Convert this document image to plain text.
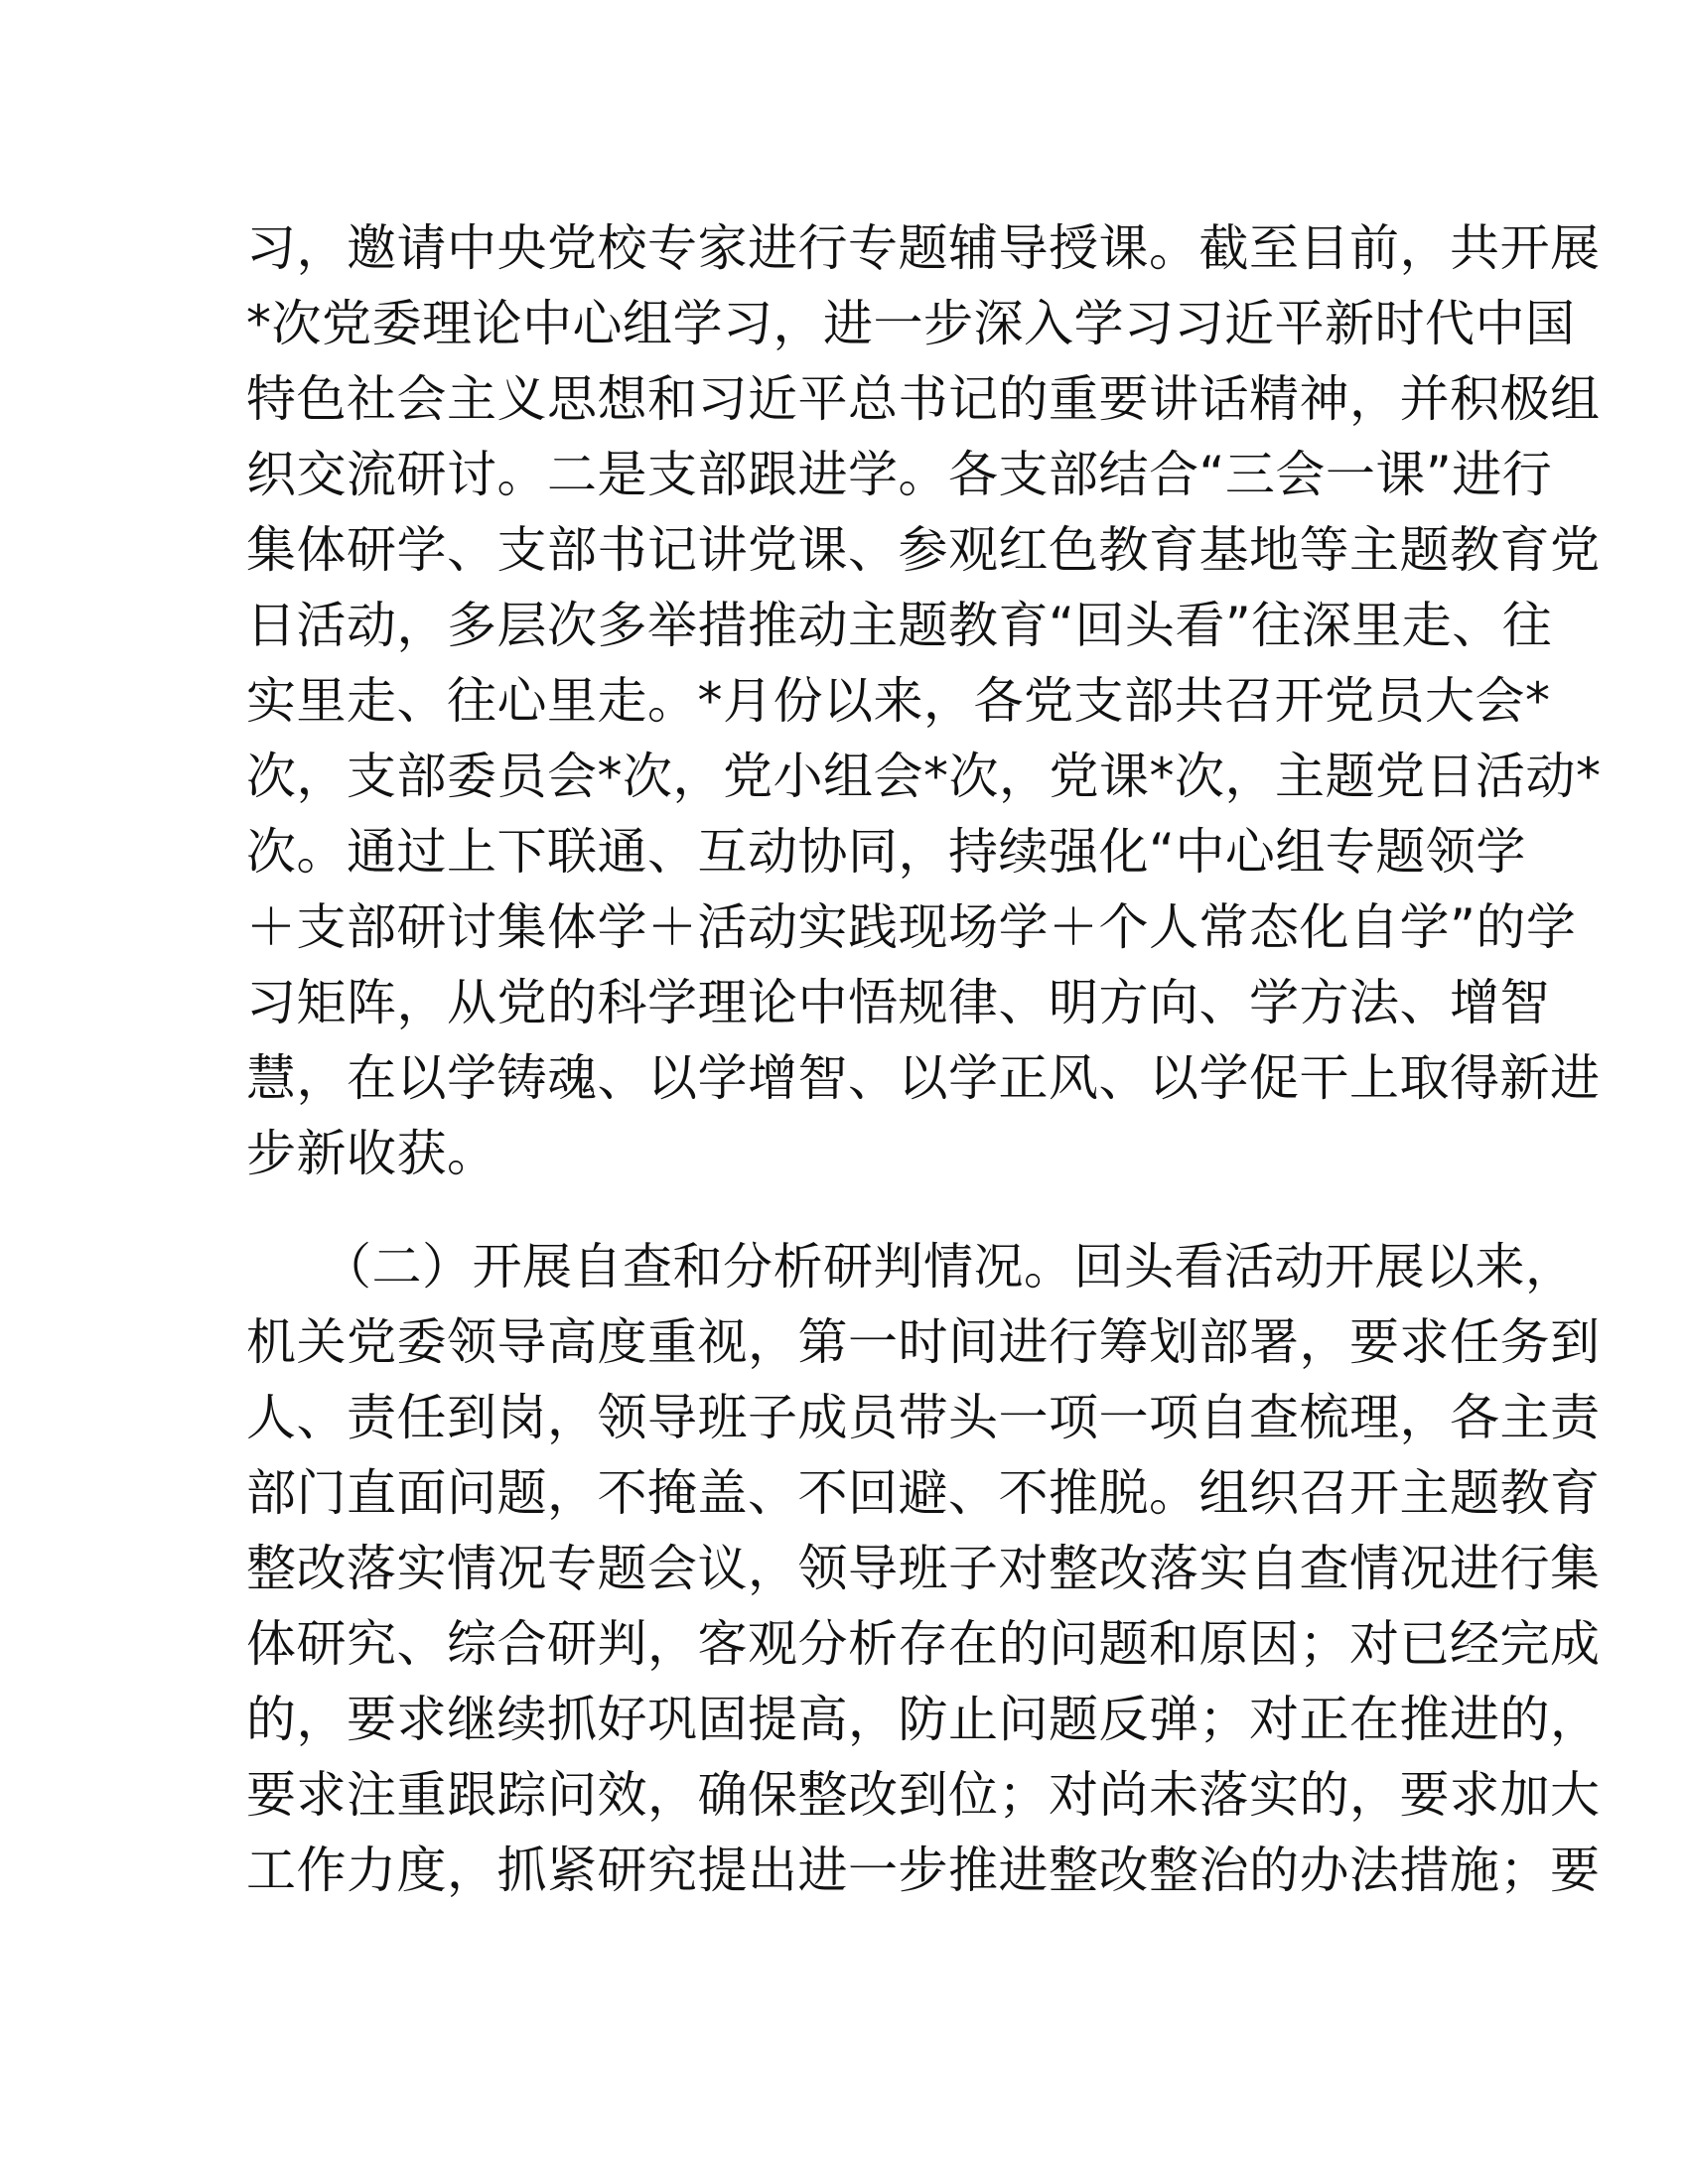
习，邀请中央党校专家进行专题辅导授课。截至目前，共开展
*次党委理论中心组学习，进一步深入学习习近平新时代中国
特色社会主义思想和习近平总书记的重要讲话精神，并积极组
织交流研讨。二是支部跟进学。各支部结合“三会一课”进行
集体研学、支部书记讲党课、参观红色教育基地等主题教育党
日活动，多层次多举措推动主题教育“回头看”往深里走、往
实里走、往心里走。*月份以来，各党支部共召开党员大会*
次，支部委员会*次，党小组会*次，党课*次，主题党日活动*
次。通过上下联通、互动协同，持续强化“中心组专题领学
＋支部研讨集体学＋活动实践现场学＋个人常态化自学”的学
习矩阵，从党的科学理论中悟规律、明方向、学方法、增智
慧，在以学铸魂、以学增智、以学正风、以学促干上取得新进
步新收获。
　　（二）开展自查和分析研判情况。回头看活动开展以来，
机关党委领导高度重视，第一时间进行筹划部署，要求任务到
人、责任到岗，领导班子成员带头一项一项自查梳理，各主责
部门直面问题，不掩盖、不回避、不推脱。组织召开主题教育
整改落实情况专题会议，领导班子对整改落实自查情况进行集
体研究、综合研判，客观分析存在的问题和原因；对已经完成
的，要求继续抓好巩固提高，防止问题反弹；对正在推进的，
要求注重跟踪问效，确保整改到位；对尚未落实的，要求加大
工作力度，抓紧研究提出进一步推进整改整治的办法措施；要
